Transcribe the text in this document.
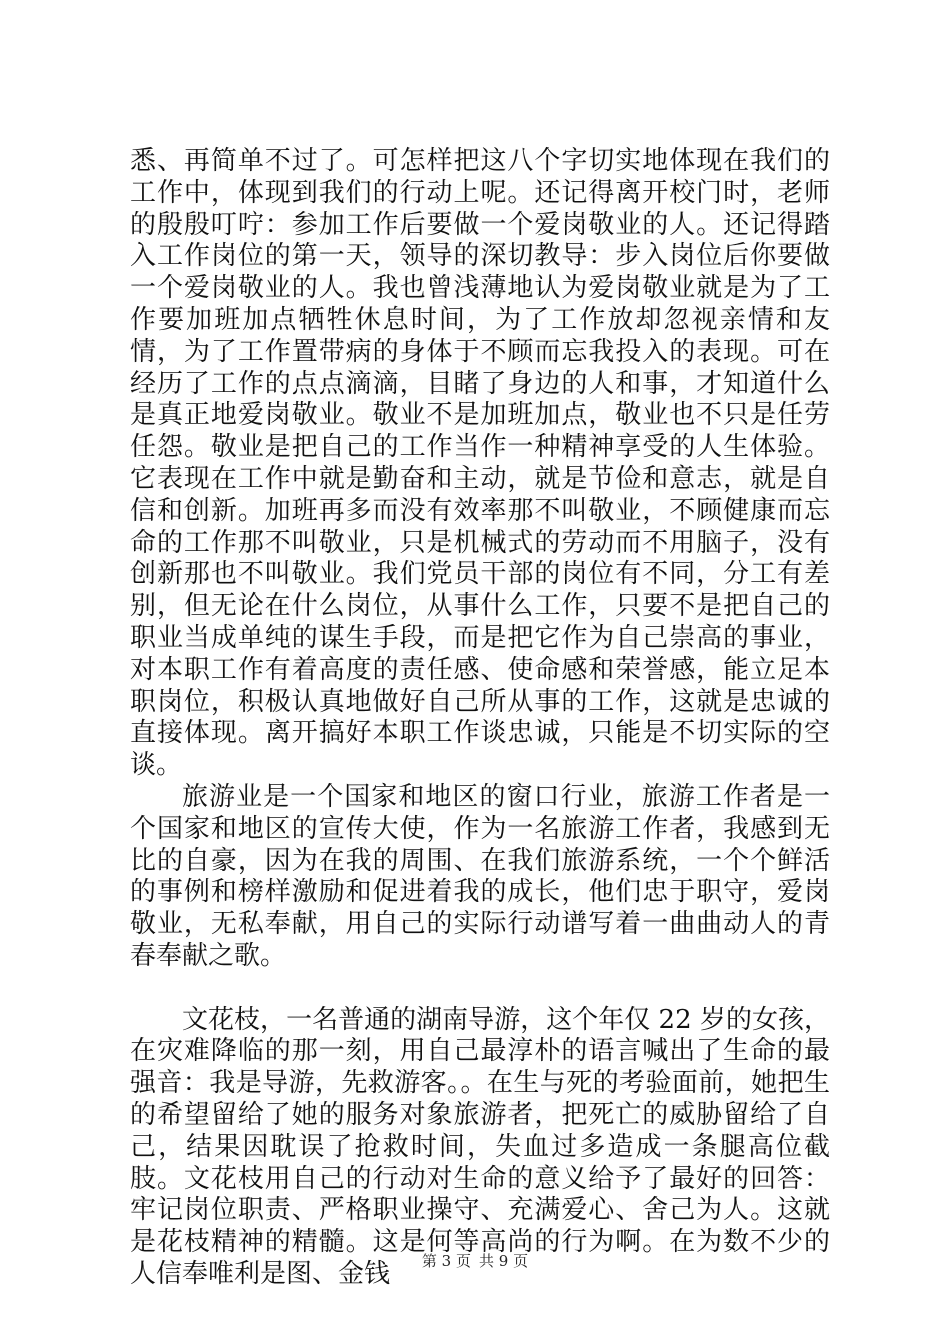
悉、再简单不过了。可怎样把这八个字切实地体现在我们的工作中，体现到我们的行动上呢。还记得离开校门时，老师的殷殷叮咛：参加工作后要做一个爱岗敬业的人。还记得踏入工作岗位的第一天，领导的深切教导：步入岗位后你要做一个爱岗敬业的人。我也曾浅薄地认为爱岗敬业就是为了工作要加班加点牺牲休息时间，为了工作放却忽视亲情和友情，为了工作置带病的身体于不顾而忘我投入的表现。可在经历了工作的点点滴滴，目睹了身边的人和事，才知道什么是真正地爱岗敬业。敬业不是加班加点，敬业也不只是任劳任怨。敬业是把自己的工作当作一种精神享受的人生体验。它表现在工作中就是勤奋和主动，就是节俭和意志，就是自信和创新。加班再多而没有效率那不叫敬业，不顾健康而忘命的工作那不叫敬业，只是机械式的劳动而不用脑子，没有创新那也不叫敬业。我们党员干部的岗位有不同，分工有差别，但无论在什么岗位，从事什么工作，只要不是把自己的职业当成单纯的谋生手段，而是把它作为自己崇高的事业，对本职工作有着高度的责任感、使命感和荣誉感，能立足本职岗位，积极认真地做好自己所从事的工作，这就是忠诚的直接体现。离开搞好本职工作谈忠诚，只能是不切实际的空谈。

旅游业是一个国家和地区的窗口行业，旅游工作者是一个国家和地区的宣传大使，作为一名旅游工作者，我感到无比的自豪，因为在我的周围、在我们旅游系统，一个个鲜活的事例和榜样激励和促进着我的成长，他们忠于职守，爱岗敬业，无私奉献，用自己的实际行动谱写着一曲曲动人的青春奉献之歌。

文花枝，一名普通的湖南导游，这个年仅 22 岁的女孩，在灾难降临的那一刻，用自己最淳朴的语言喊出了生命的最强音：我是导游，先救游客。。在生与死的考验面前，她把生的希望留给了她的服务对象旅游者，把死亡的威胁留给了自己，结果因耽误了抢救时间，失血过多造成一条腿高位截肢。文花枝用自己的行动对生命的意义给予了最好的回答：牢记岗位职责、严格职业操守、充满爱心、舍己为人。这就是花枝精神的精髓。这是何等高尚的行为啊。在为数不少的人信奉唯利是图、金钱	第 3 页 共 9 页
